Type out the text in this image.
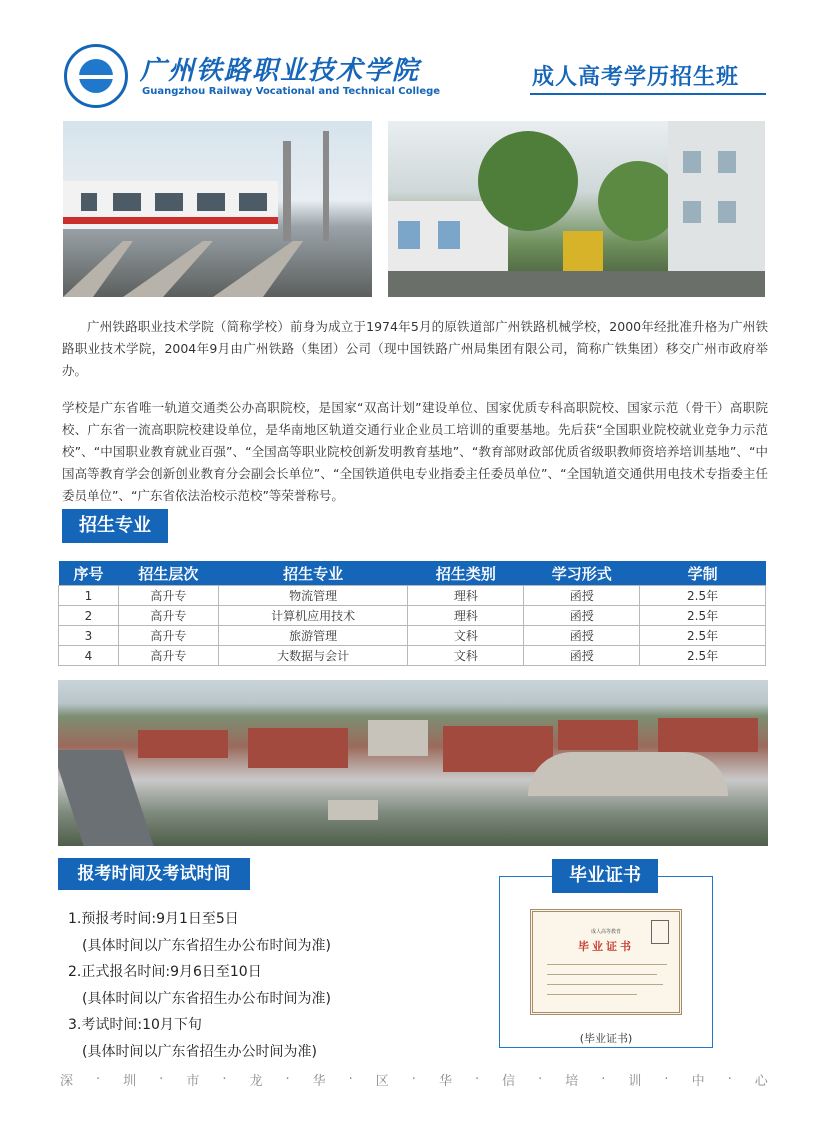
广州铁路职业技术学院
Guangzhou Railway Vocational and Technical College
成人高考学历招生班
广州铁路职业技术学院（简称学校）前身为成立于1974年5月的原铁道部广州铁路机械学校，2000年经批准升格为广州铁路职业技术学院，2004年9月由广州铁路（集团）公司（现中国铁路广州局集团有限公司，简称广铁集团）移交广州市政府举办。
学校是广东省唯一轨道交通类公办高职院校，是国家“双高计划”建设单位、国家优质专科高职院校、国家示范（骨干）高职院校、广东省一流高职院校建设单位，是华南地区轨道交通行业企业员工培训的重要基地。先后获“全国职业院校就业竞争力示范校”、“中国职业教育就业百强”、“全国高等职业院校创新发明教育基地”、“教育部财政部优质省级职教师资培养培训基地”、“中国高等教育学会创新创业教育分会副会长单位”、“全国铁道供电专业指委主任委员单位”、“全国轨道交通供用电技术专指委主任委员单位”、“广东省依法治校示范校”等荣誉称号。
招生专业
序号	招生层次	招生专业	招生类别	学习形式	学制
1	高升专	物流管理	理科	函授	2.5年
2	高升专	计算机应用技术	理科	函授	2.5年
3	高升专	旅游管理	文科	函授	2.5年
4	高升专	大数据与会计	文科	函授	2.5年
报考时间及考试时间
1.预报考时间:9月1日至5日
(具体时间以广东省招生办公布时间为准)
2.正式报名时间:9月6日至10日
(具体时间以广东省招生办公布时间为准)
3.考试时间:10月下旬
(具体时间以广东省招生办公时间为准)
毕业证书
成人高等教育
毕业证书
(毕业证书)
深 · 圳 · 市 · 龙 · 华 · 区 · 华 · 信 · 培 · 训 · 中 · 心
